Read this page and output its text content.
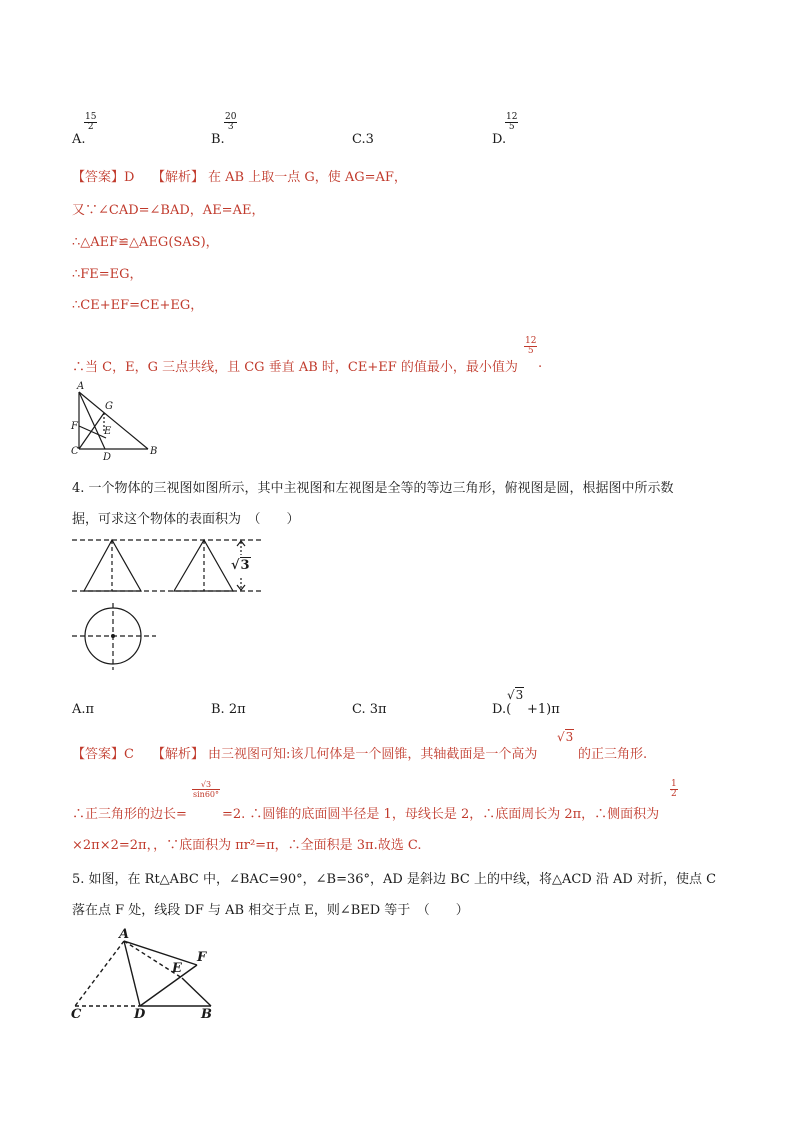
A.
$\frac{15}{2}$
B.
$\frac{20}{3}$
C.3	D.
$\frac{12}{5}$
【答案】D 【解析】 在 AB 上取一点 G，使 AG=AF，
又∵∠CAD=∠BAD，AE=AE，
∴△AEF≌△AEG(SAS)，
∴FE=EG，
∴CE+EF=CE+EG，
∴当 C，E，G 三点共线，且 CG 垂直 AB 时，CE+EF 的值最小，最小值为
$\frac{12}{5}$
.
A
G
F	E
C
D
B
4. 一个物体的三视图如图所示，其中主视图和左视图是全等的等边三角形，俯视图是圆，根据图中所示数
据，可求这个物体的表面积为　（　　）
√3
A.π	B. 2π	C. 3π	D.(
√3
+1)π
【答案】C 【解析】 由三视图可知:该几何体是一个圆锥，其轴截面是一个高为
√3
的正三角形.
∴正三角形的边长=
$\frac{√3}{\sin 60^\circ}$
=2. ∴圆锥的底面圆半径是 1，母线长是 2，∴底面周长为 2π，∴侧面积为
$\frac{1}{2}$
×2π×2=2π，，∵底面积为 πr²=π，∴全面积是 3π.故选 C.
5. 如图，在 Rt△ABC 中，∠BAC=90°，∠B=36°，AD 是斜边 BC 上的中线，将△ACD 沿 AD 对折，使点 C
落在点 F 处，线段 DF 与 AB 相交于点 E，则∠BED 等于　（　　）
A
F
E
C	D	B
